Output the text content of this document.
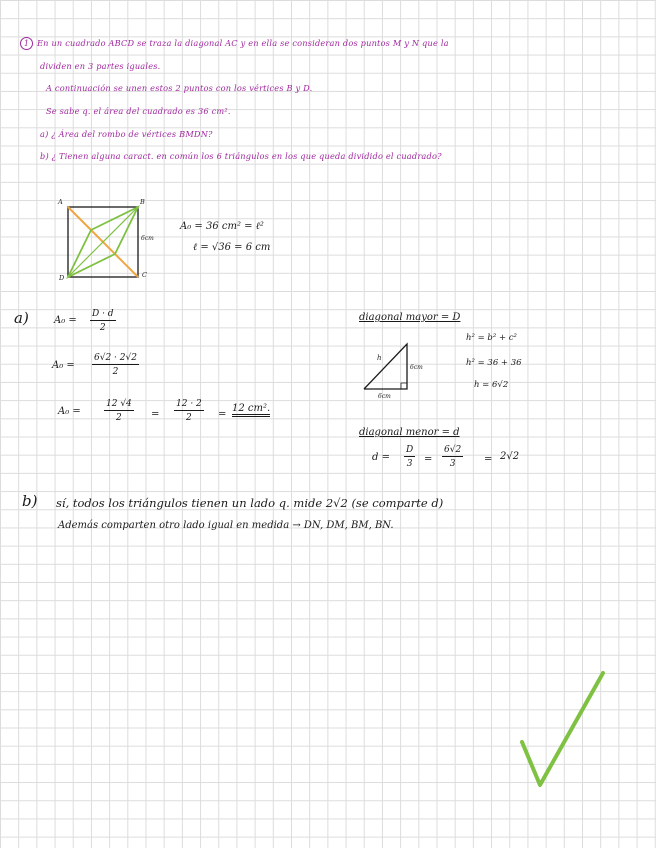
1 En un cuadrado ABCD se traza la diagonal AC y en ella se consideran dos puntos M y N que la
dividen en 3 partes iguales.
A continuación se unen estos 2 puntos con los vértices B y D.
Se sabe q. el área del cuadrado es 36 cm².
a) ¿ Área del rombo de vértices BMDN?
b) ¿ Tienen alguna caract. en común los 6 triángulos en los que queda dividido el cuadrado?
A	B
C
D
6cm
A₀ = 36 cm² = ℓ²
ℓ = √36 = 6 cm
a)	$A_0 = \frac{D \cdot d}{2}$
$A_0 = \frac{6√2 \cdot 2√2}{2}$
A₀ =	$\frac{12 √4}{2} = \frac{12 \cdot 2}{2}$ =
12 cm².
diagonal mayor = D
h² = b² + c²
h² = 36 + 36
h = 6√2
h
6cm
6cm
diagonal menor = d
$d = \frac{D}{3} = \frac{6√2}{3} = 2√2$
b) sí, todos los triángulos tienen un lado q. mide 2√2 (se comparte d)
Además comparten otro lado igual en medida → DN, DM, BM, BN.
